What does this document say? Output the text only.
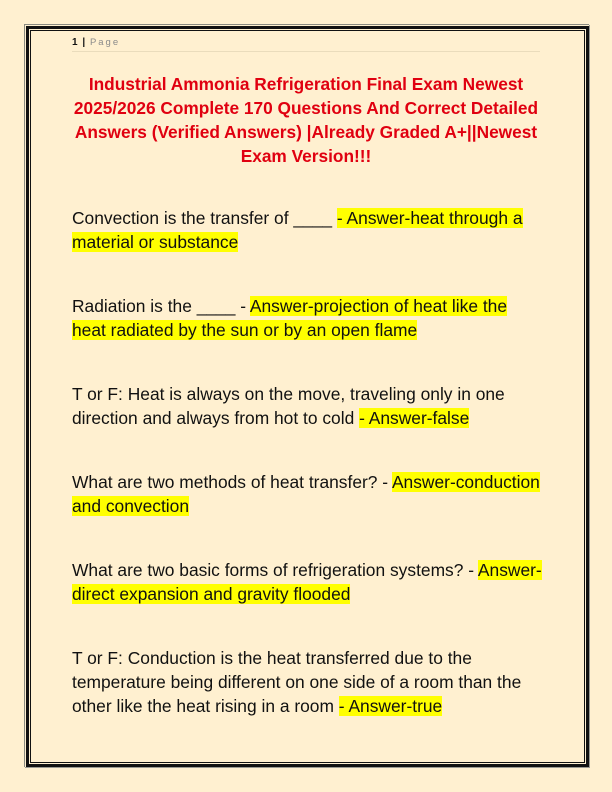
1 | Page
Industrial Ammonia Refrigeration Final Exam Newest 2025/2026 Complete 170 Questions And Correct Detailed Answers (Verified Answers) |Already Graded A+||Newest Exam Version!!!

Convection is the transfer of ____ - Answer-heat through a material or substance

Radiation is the ____ - Answer-projection of heat like the heat radiated by the sun or by an open flame

T or F: Heat is always on the move, traveling only in one direction and always from hot to cold - Answer-false

What are two methods of heat transfer? - Answer-conduction and convection

What are two basic forms of refrigeration systems? - Answer-direct expansion and gravity flooded

T or F: Conduction is the heat transferred due to the temperature being different on one side of a room than the other like the heat rising in a room - Answer-true
